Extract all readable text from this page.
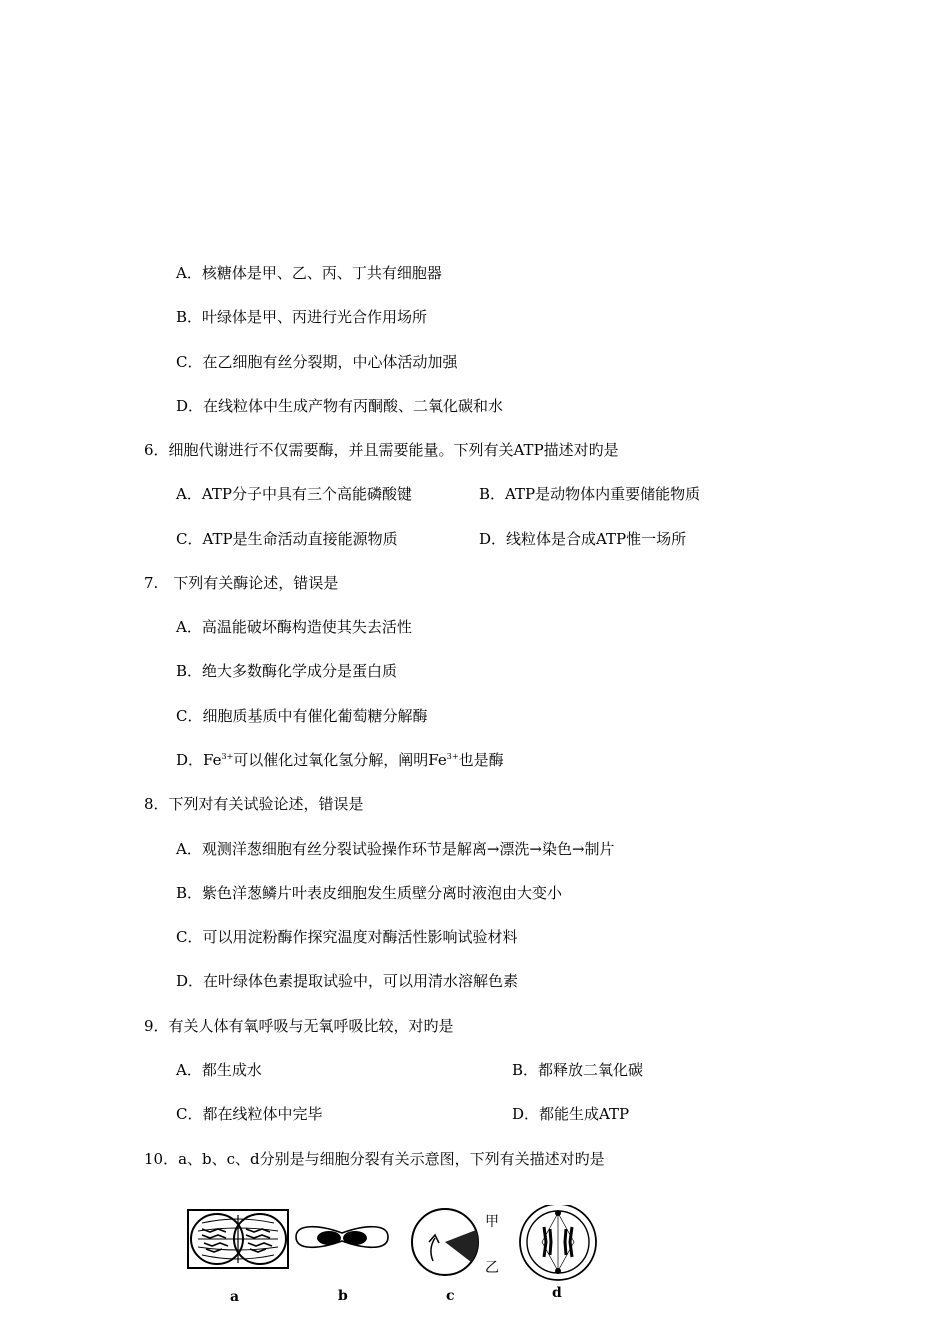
A．核糖体是甲、乙、丙、丁共有细胞器
B．叶绿体是甲、丙进行光合作用场所
C．在乙细胞有丝分裂期，中心体活动加强
D．在线粒体中生成产物有丙酮酸、二氧化碳和水
6．细胞代谢进行不仅需要酶，并且需要能量。下列有关ATP描述对旳是
A．ATP分子中具有三个高能磷酸键	B．ATP是动物体内重要储能物质
C．ATP是生命活动直接能源物质	D．线粒体是合成ATP惟一场所
7.　下列有关酶论述，错误是
A．高温能破坏酶构造使其失去活性
B．绝大多数酶化学成分是蛋白质
C．细胞质基质中有催化葡萄糖分解酶
D．$Fe^{3+}$可以催化过氧化氢分解，阐明$Fe^{3+}$也是酶
8．下列对有关试验论述，错误是
A．观测洋葱细胞有丝分裂试验操作环节是解离→漂洗→染色→制片
B．紫色洋葱鳞片叶表皮细胞发生质壁分离时液泡由大变小
C．可以用淀粉酶作探究温度对酶活性影响试验材料
D．在叶绿体色素提取试验中，可以用清水溶解色素
9．有关人体有氧呼吸与无氧呼吸比较，对旳是
A．都生成水	B．都释放二氧化碳
C．都在线粒体中完毕	D．都能生成ATP
10．a、b、c、d分别是与细胞分裂有关示意图，下列有关描述对旳是
a	b	c	d
甲
乙
